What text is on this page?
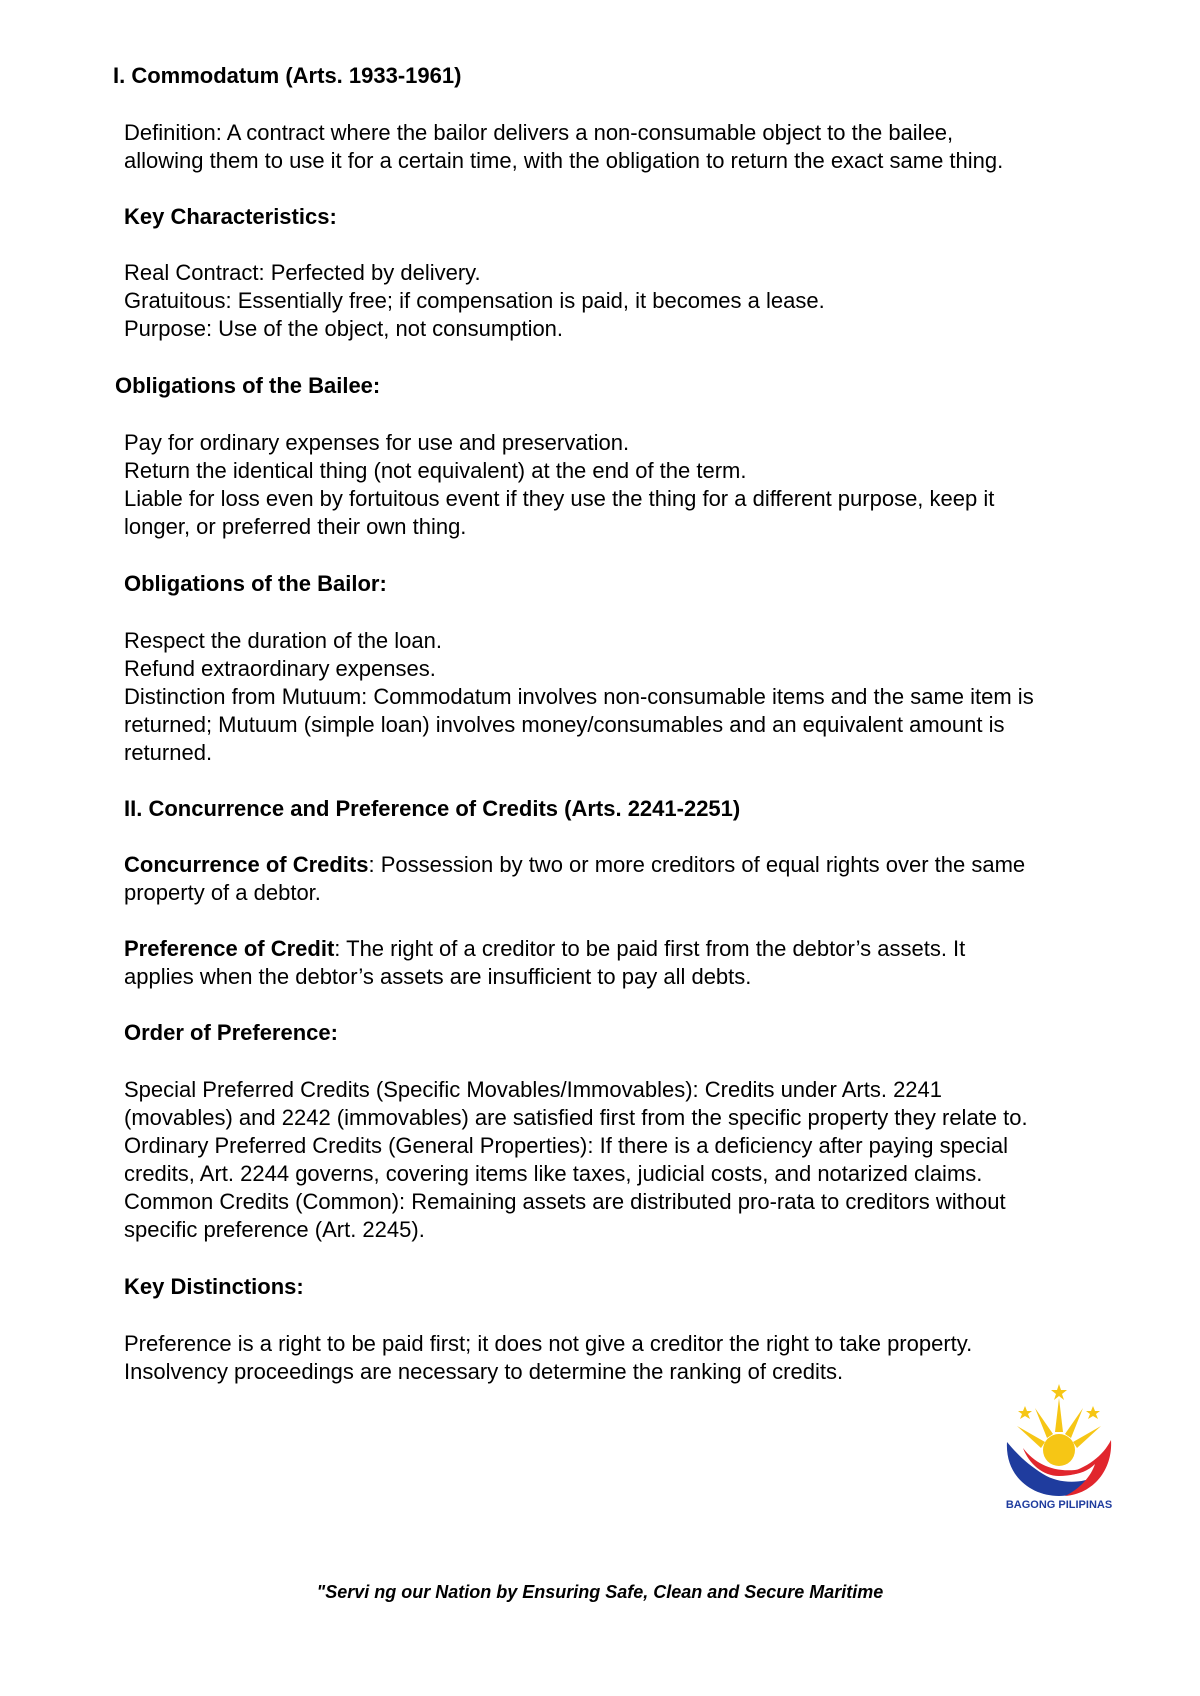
I. Commodatum (Arts. 1933-1961)
Definition: A contract where the bailor delivers a non-consumable object to the bailee,
allowing them to use it for a certain time, with the obligation to return the exact same thing.
Key Characteristics:
Real Contract: Perfected by delivery.
Gratuitous: Essentially free; if compensation is paid, it becomes a lease.
Purpose: Use of the object, not consumption.
Obligations of the Bailee:
Pay for ordinary expenses for use and preservation.
Return the identical thing (not equivalent) at the end of the term.
Liable for loss even by fortuitous event if they use the thing for a different purpose, keep it
longer, or preferred their own thing.
Obligations of the Bailor:
Respect the duration of the loan.
Refund extraordinary expenses.
Distinction from Mutuum: Commodatum involves non-consumable items and the same item is
returned; Mutuum (simple loan) involves money/consumables and an equivalent amount is
returned.
II. Concurrence and Preference of Credits (Arts. 2241-2251)
Concurrence of Credits: Possession by two or more creditors of equal rights over the same
property of a debtor.
Preference of Credit: The right of a creditor to be paid first from the debtor’s assets. It
applies when the debtor’s assets are insufficient to pay all debts.
Order of Preference:
Special Preferred Credits (Specific Movables/Immovables): Credits under Arts. 2241
(movables) and 2242 (immovables) are satisfied first from the specific property they relate to.
Ordinary Preferred Credits (General Properties): If there is a deficiency after paying special
credits, Art. 2244 governs, covering items like taxes, judicial costs, and notarized claims.
Common Credits (Common): Remaining assets are distributed pro-rata to creditors without
specific preference (Art. 2245).
Key Distinctions:
Preference is a right to be paid first; it does not give a creditor the right to take property.
Insolvency proceedings are necessary to determine the ranking of credits.
BAGONG PILIPINAS
"Servi ng our Nation by Ensuring Safe, Clean and Secure Maritime
